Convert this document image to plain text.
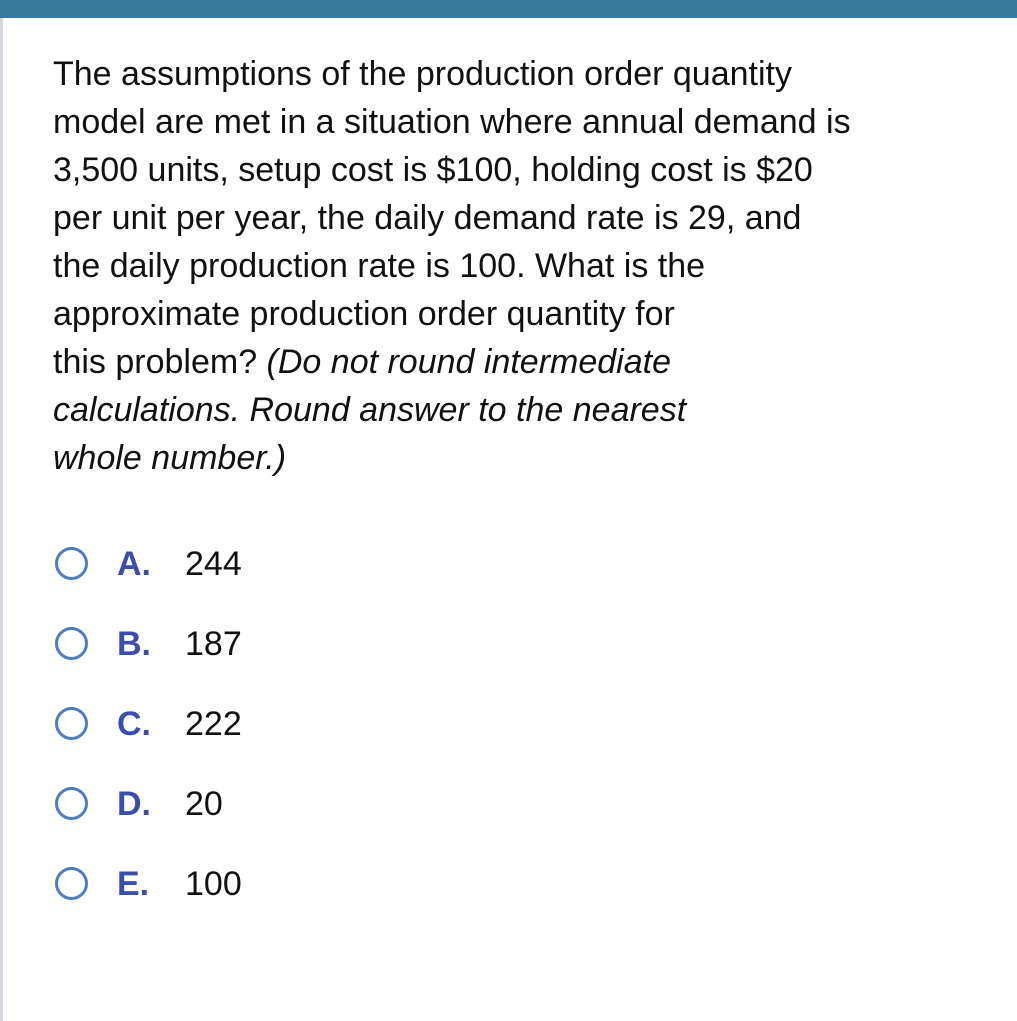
The assumptions of the production order quantity
model are met in a situation where annual demand is
3,500 units, setup cost is $100, holding cost is $20
per unit per year, the daily demand rate is 29, and
the daily production rate is 100. What is the
approximate production order quantity for
this problem? (Do not round intermediate
calculations. Round answer to the nearest
whole number.)

A.	244
B.	187
C.	222
D.	20
E.	100
